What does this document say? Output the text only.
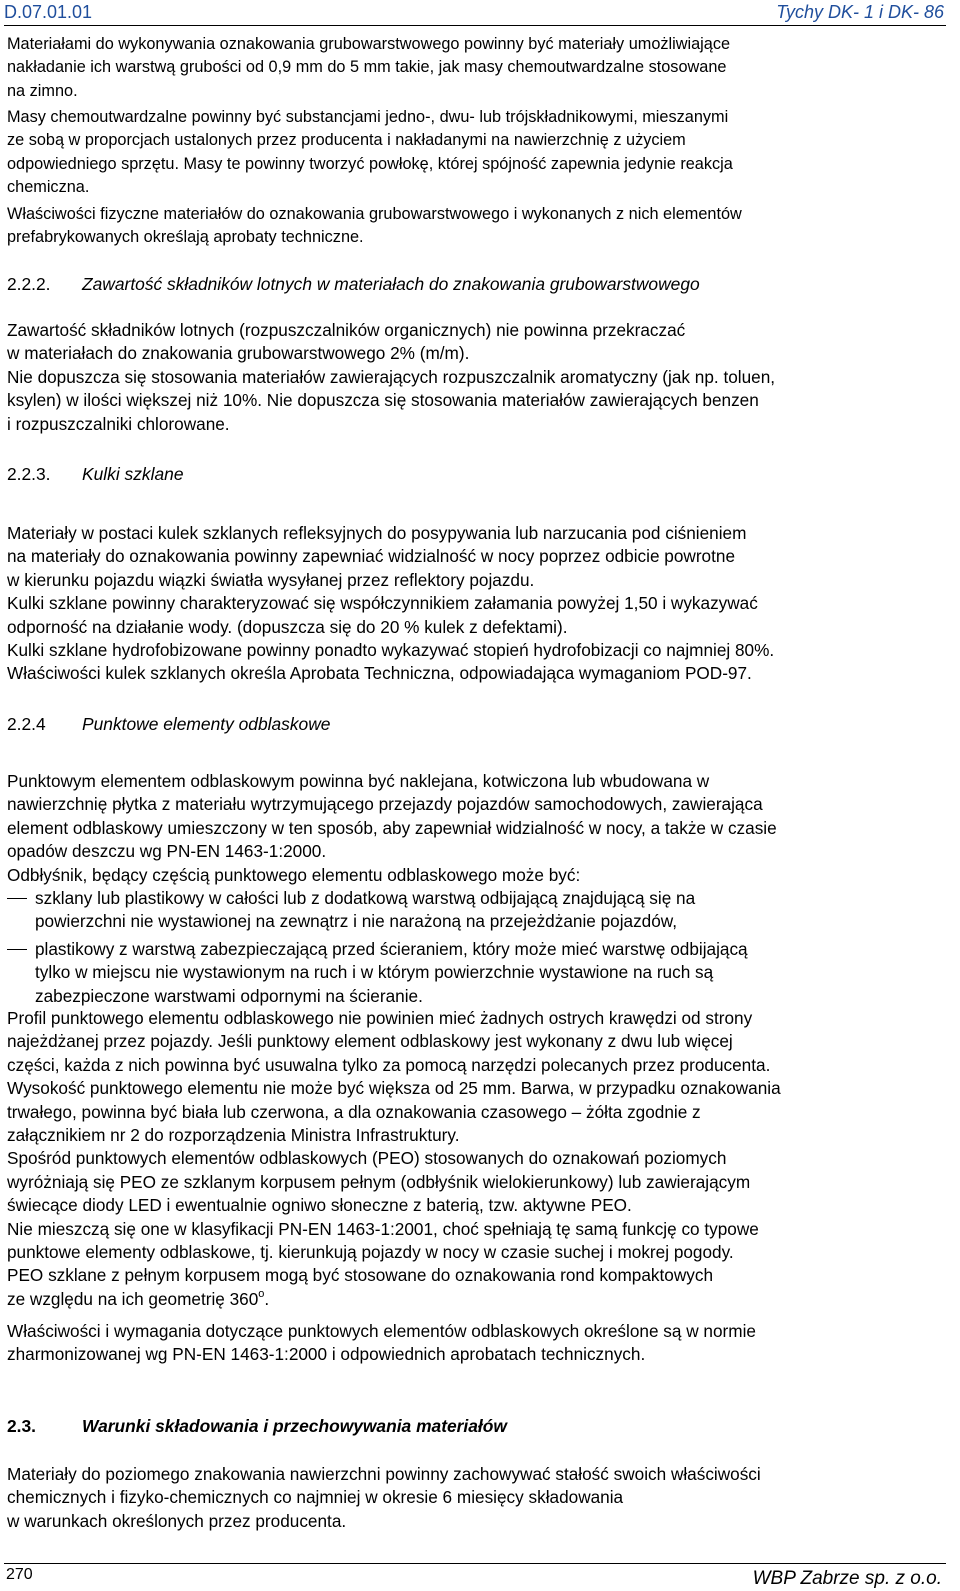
D.07.01.01	Tychy DK- 1 i DK- 86
Materiałami do wykonywania oznakowania grubowarstwowego powinny być materiały umożliwiające
nakładanie ich warstwą grubości od 0,9 mm do 5 mm takie, jak masy chemoutwardzalne stosowane
na zimno.
Masy chemoutwardzalne powinny być substancjami jedno-, dwu- lub trójskładnikowymi, mieszanymi
ze sobą w proporcjach ustalonych przez producenta i nakładanymi na nawierzchnię z użyciem
odpowiedniego sprzętu. Masy te powinny tworzyć powłokę, której spójność zapewnia jedynie reakcja
chemiczna.
Właściwości fizyczne materiałów do oznakowania grubowarstwowego i wykonanych z nich elementów
prefabrykowanych określają aprobaty techniczne.
2.2.2. Zawartość składników lotnych w materiałach do znakowania grubowarstwowego
Zawartość składników lotnych (rozpuszczalników organicznych) nie powinna przekraczać
w materiałach do znakowania grubowarstwowego 2% (m/m).
Nie dopuszcza się stosowania materiałów zawierających rozpuszczalnik aromatyczny (jak np. toluen,
ksylen) w ilości większej niż 10%. Nie dopuszcza się stosowania materiałów zawierających benzen
i rozpuszczalniki chlorowane.
2.2.3. Kulki szklane
Materiały w postaci kulek szklanych refleksyjnych do posypywania lub narzucania pod ciśnieniem
na materiały do oznakowania powinny zapewniać widzialność w nocy poprzez odbicie powrotne
w kierunku pojazdu wiązki światła wysyłanej przez reflektory pojazdu.
Kulki szklane powinny charakteryzować się współczynnikiem załamania powyżej 1,50 i wykazywać
odporność na działanie wody. (dopuszcza się do 20 % kulek z defektami).
Kulki szklane hydrofobizowane powinny ponadto wykazywać stopień hydrofobizacji co najmniej 80%.
Właściwości kulek szklanych określa Aprobata Techniczna, odpowiadająca wymaganiom POD-97.
2.2.4 Punktowe elementy odblaskowe
Punktowym elementem odblaskowym powinna być naklejana, kotwiczona lub wbudowana w
nawierzchnię płytka z materiału wytrzymującego przejazdy pojazdów samochodowych, zawierająca
element odblaskowy umieszczony w ten sposób, aby zapewniał widzialność w nocy, a także w czasie
opadów deszczu wg PN-EN 1463-1:2000.
Odbłyśnik, będący częścią punktowego elementu odblaskowego może być:
szklany lub plastikowy w całości lub z dodatkową warstwą odbijającą znajdującą się na
powierzchni nie wystawionej na zewnątrz i nie narażoną na przejeżdżanie pojazdów,
plastikowy z warstwą zabezpieczającą przed ścieraniem, który może mieć warstwę odbijającą
tylko w miejscu nie wystawionym na ruch i w którym powierzchnie wystawione na ruch są
zabezpieczone warstwami odpornymi na ścieranie.
Profil punktowego elementu odblaskowego nie powinien mieć żadnych ostrych krawędzi od strony
najeżdżanej przez pojazdy. Jeśli punktowy element odblaskowy jest wykonany z dwu lub więcej
części, każda z nich powinna być usuwalna tylko za pomocą narzędzi polecanych przez producenta.
Wysokość punktowego elementu nie może być większa od 25 mm. Barwa, w przypadku oznakowania
trwałego, powinna być biała lub czerwona, a dla oznakowania czasowego – żółta zgodnie z
załącznikiem nr 2 do rozporządzenia Ministra Infrastruktury.
Spośród punktowych elementów odblaskowych (PEO) stosowanych do oznakowań poziomych
wyróżniają się PEO ze szklanym korpusem pełnym (odbłyśnik wielokierunkowy) lub zawierającym
świecące diody LED i ewentualnie ogniwo słoneczne z baterią, tzw. aktywne PEO.
Nie mieszczą się one w klasyfikacji PN-EN 1463-1:2001, choć spełniają tę samą funkcję co typowe
punktowe elementy odblaskowe, tj. kierunkują pojazdy w nocy w czasie suchej i mokrej pogody.
PEO szklane z pełnym korpusem mogą być stosowane do oznakowania rond kompaktowych
ze względu na ich geometrię 360$^o$.
Właściwości i wymagania dotyczące punktowych elementów odblaskowych określone są w normie
zharmonizowanej wg PN-EN 1463-1:2000 i odpowiednich aprobatach technicznych.
2.3.	Warunki składowania i przechowywania materiałów
Materiały do poziomego znakowania nawierzchni powinny zachowywać stałość swoich właściwości
chemicznych i fizyko-chemicznych co najmniej w okresie 6 miesięcy składowania
w warunkach określonych przez producenta.
270	WBP Zabrze sp. z o.o.
